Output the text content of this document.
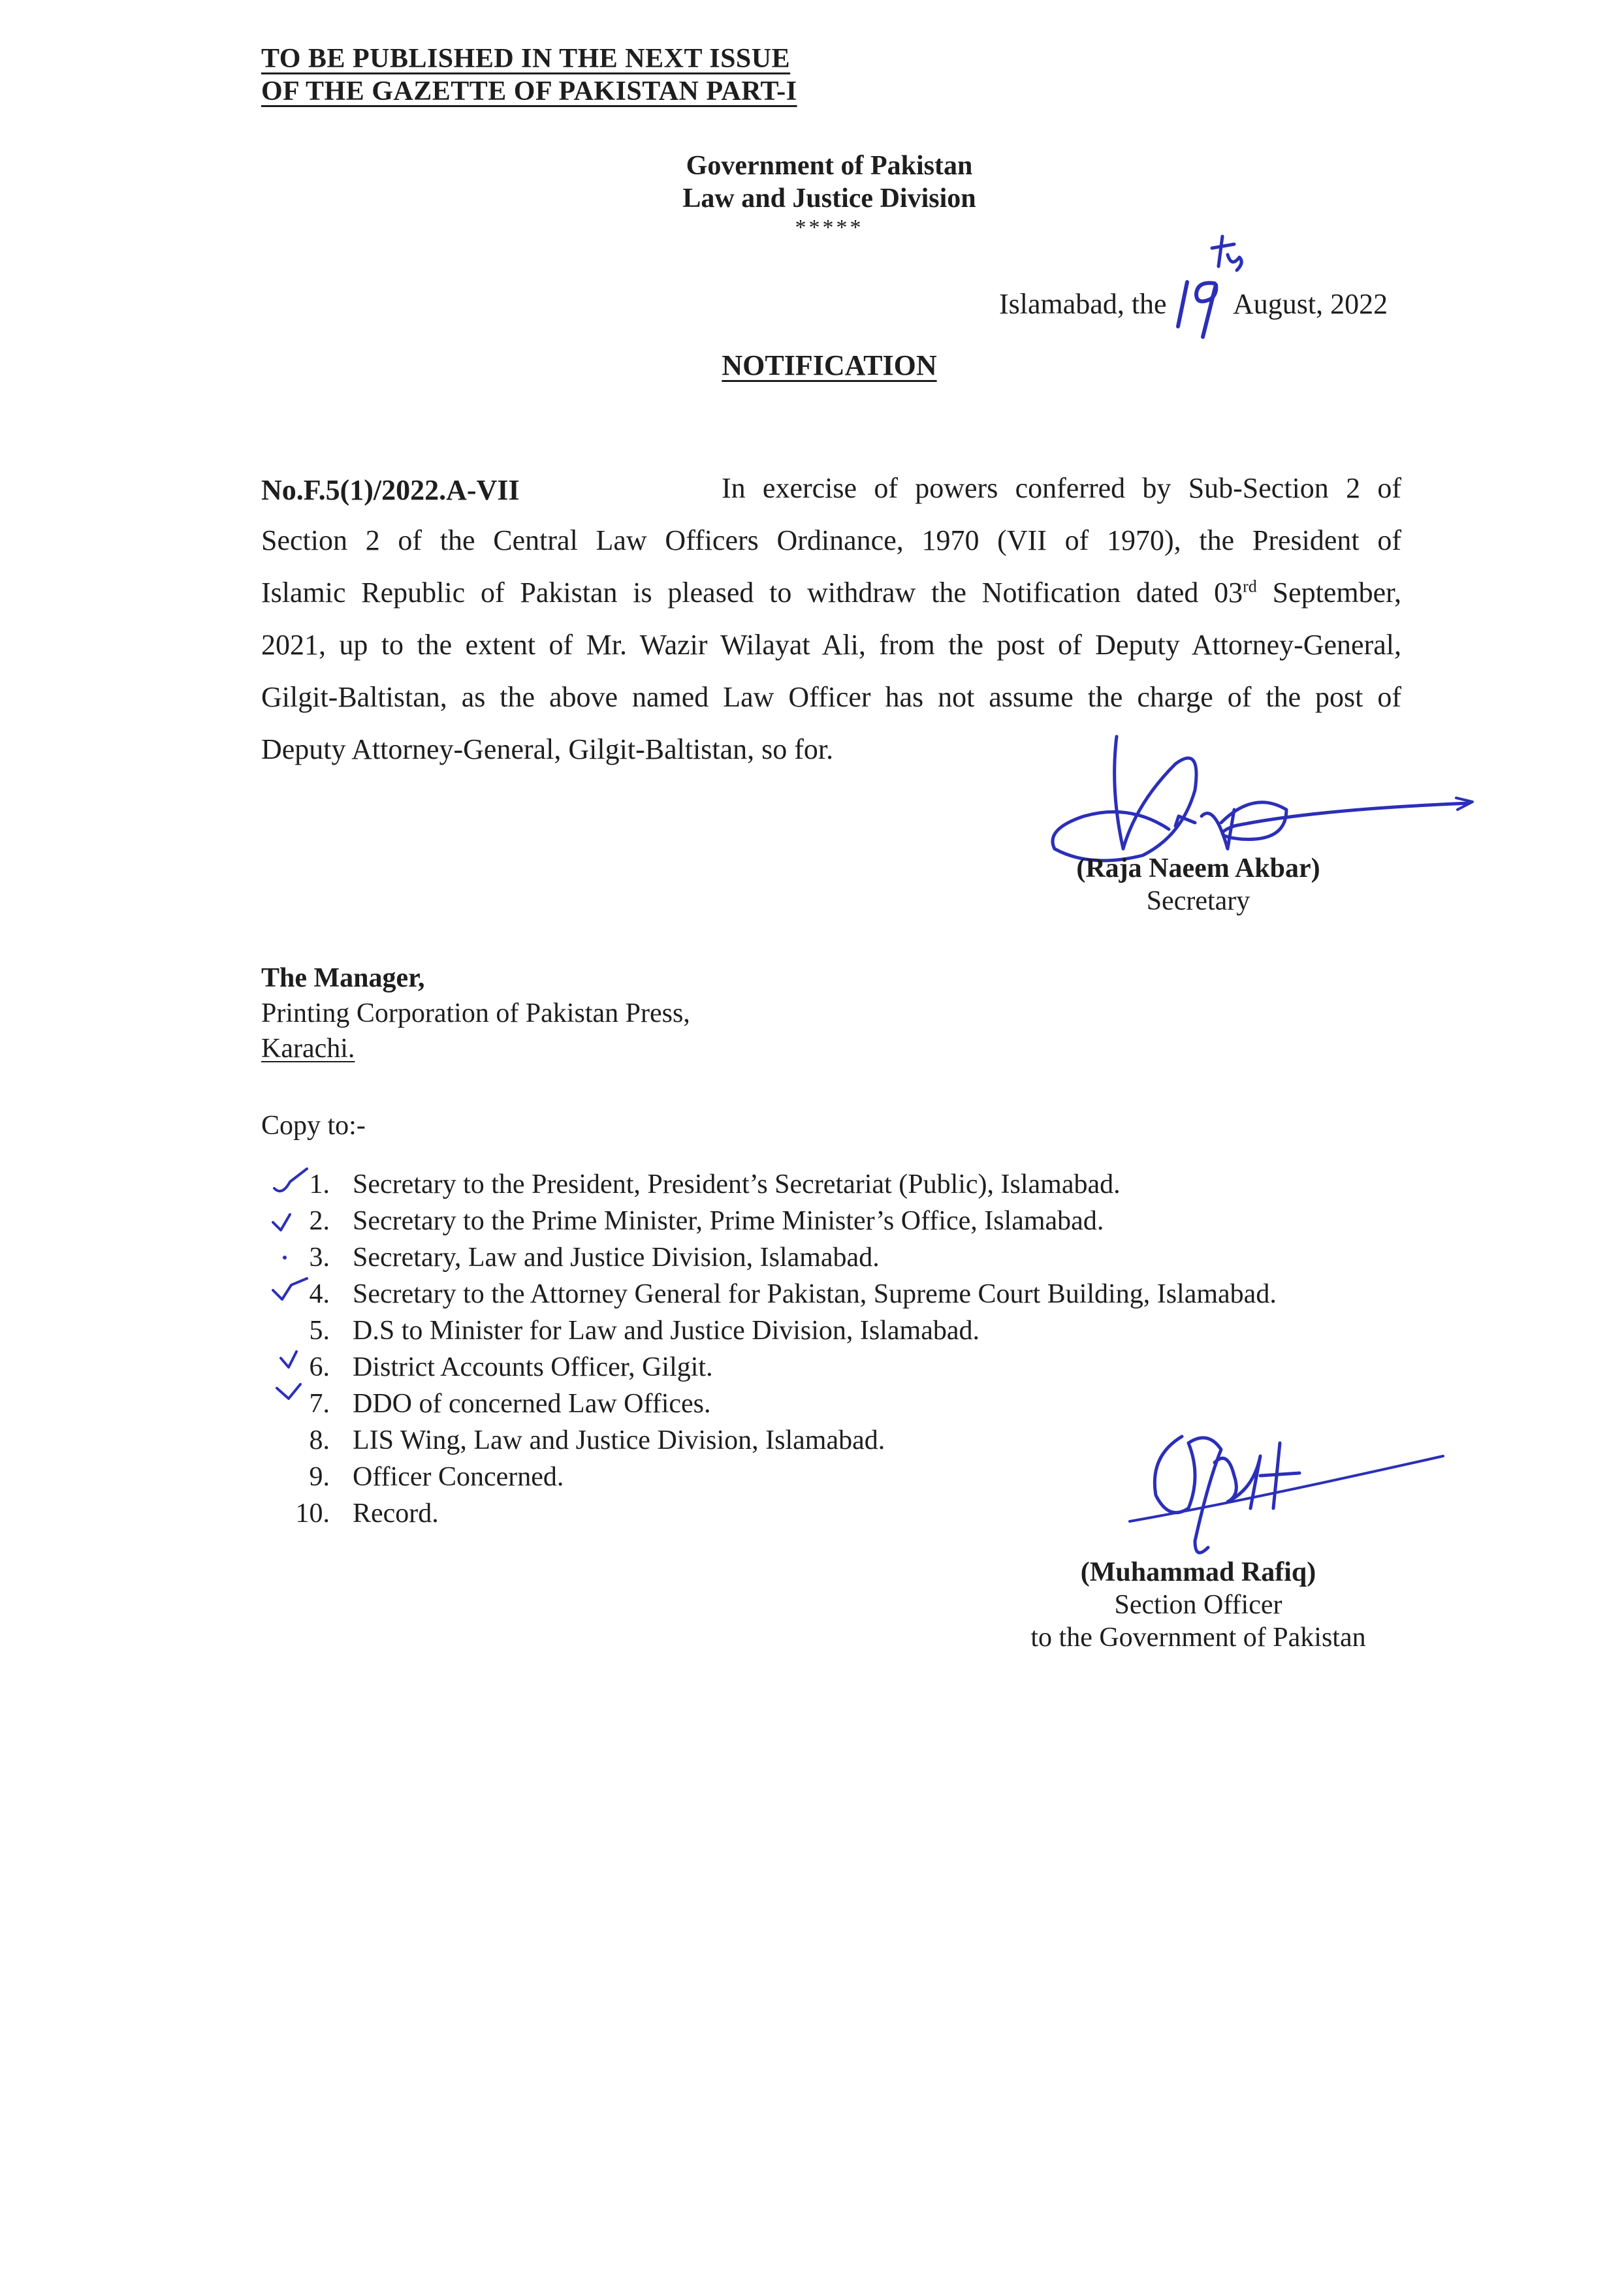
TO BE PUBLISHED IN THE NEXT ISSUE
OF THE GAZETTE OF PAKISTAN PART-I
Government of Pakistan
Law and Justice Division
*****
Islamabad, the
19th
August, 2022
NOTIFICATION
No.F.5(1)/2022.A-VII	In exercise of powers conferred by Sub-Section 2 of
Section 2 of the Central Law Officers Ordinance, 1970 (VII of 1970), the President of
Islamic Republic of Pakistan is pleased to withdraw the Notification dated 03rd September,
2021, up to the extent of Mr. Wazir Wilayat Ali, from the post of Deputy Attorney-General,
Gilgit-Baltistan, as the above named Law Officer has not assume the charge of the post of
Deputy Attorney-General, Gilgit-Baltistan, so for.
(Raja Naeem Akbar)
Secretary
The Manager,
Printing Corporation of Pakistan Press,
Karachi.
Copy to:-
1. Secretary to the President, President’s Secretariat (Public), Islamabad.
2. Secretary to the Prime Minister, Prime Minister’s Office, Islamabad.
3. Secretary, Law and Justice Division, Islamabad.
4. Secretary to the Attorney General for Pakistan, Supreme Court Building, Islamabad.
5. D.S to Minister for Law and Justice Division, Islamabad.
6. District Accounts Officer, Gilgit.
7. DDO of concerned Law Offices.
8. LIS Wing, Law and Justice Division, Islamabad.
9. Officer Concerned.
10. Record.
(Muhammad Rafiq)
Section Officer
to the Government of Pakistan
